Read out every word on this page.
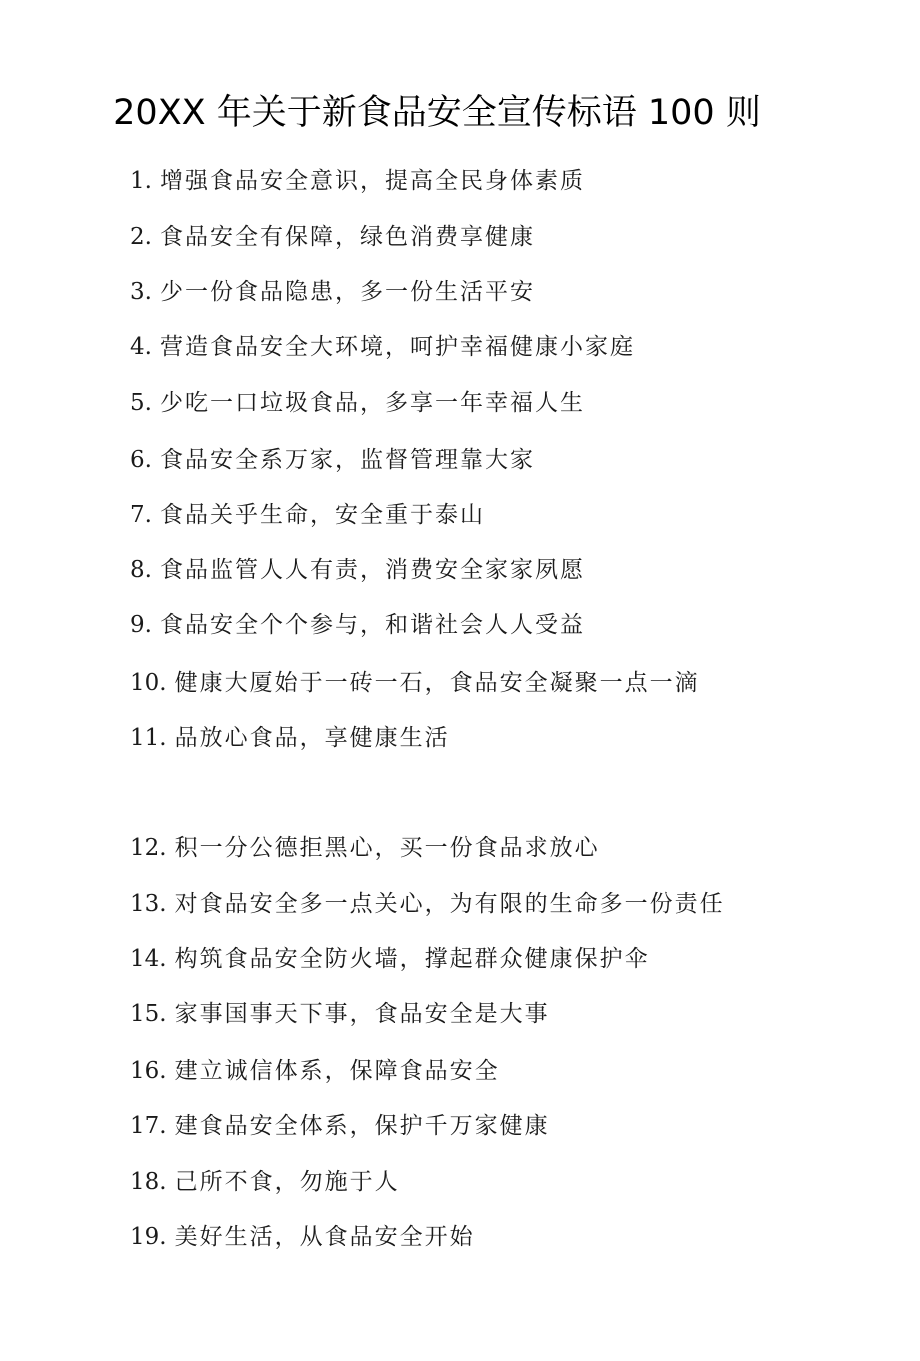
20XX 年关于新食品安全宣传标语 100 则
1. 增强食品安全意识，提高全民身体素质
2. 食品安全有保障，绿色消费享健康
3. 少一份食品隐患，多一份生活平安
4. 营造食品安全大环境，呵护幸福健康小家庭
5. 少吃一口垃圾食品，多享一年幸福人生
6. 食品安全系万家，监督管理靠大家
7. 食品关乎生命，安全重于泰山
8. 食品监管人人有责，消费安全家家夙愿
9. 食品安全个个参与，和谐社会人人受益
10. 健康大厦始于一砖一石，食品安全凝聚一点一滴
11. 品放心食品，享健康生活
12. 积一分公德拒黑心，买一份食品求放心
13. 对食品安全多一点关心，为有限的生命多一份责任
14. 构筑食品安全防火墙，撑起群众健康保护伞
15. 家事国事天下事，食品安全是大事
16. 建立诚信体系，保障食品安全
17. 建食品安全体系，保护千万家健康
18. 己所不食，勿施于人
19. 美好生活，从食品安全开始
